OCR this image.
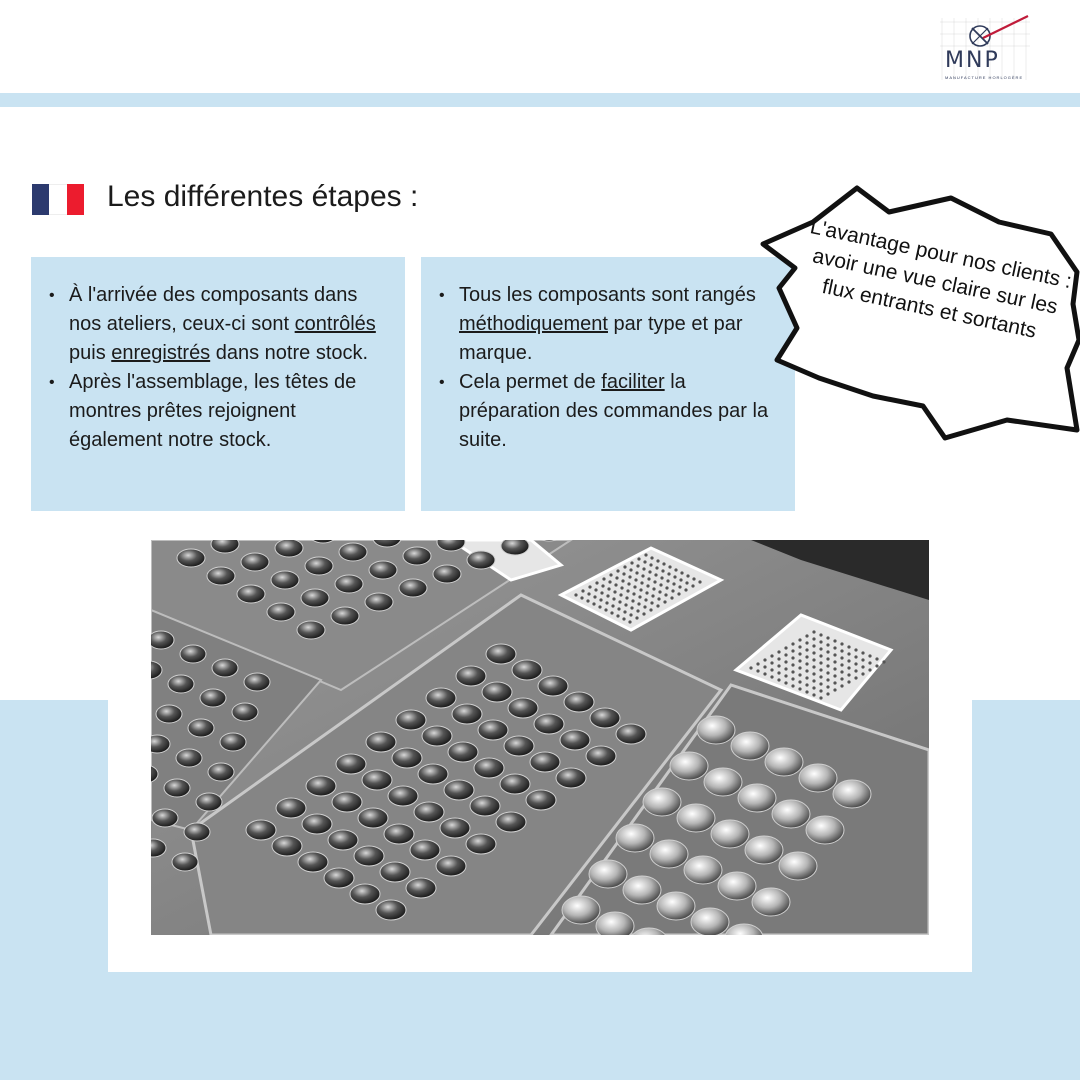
MNP
MANUFACTURE HORLOGÈRE
Les différentes étapes :
• À l'arrivée des composants dans nos ateliers, ceux-ci sont contrôlés puis enregistrés dans notre stock.
• Après l'assemblage, les têtes de montres prêtes rejoignent également notre stock.
• Tous les composants sont rangés méthodiquement par type et par marque.
• Cela permet de faciliter la préparation des commandes par la suite.
L'avantage pour nos clients : avoir une vue claire sur les flux entrants et sortants
